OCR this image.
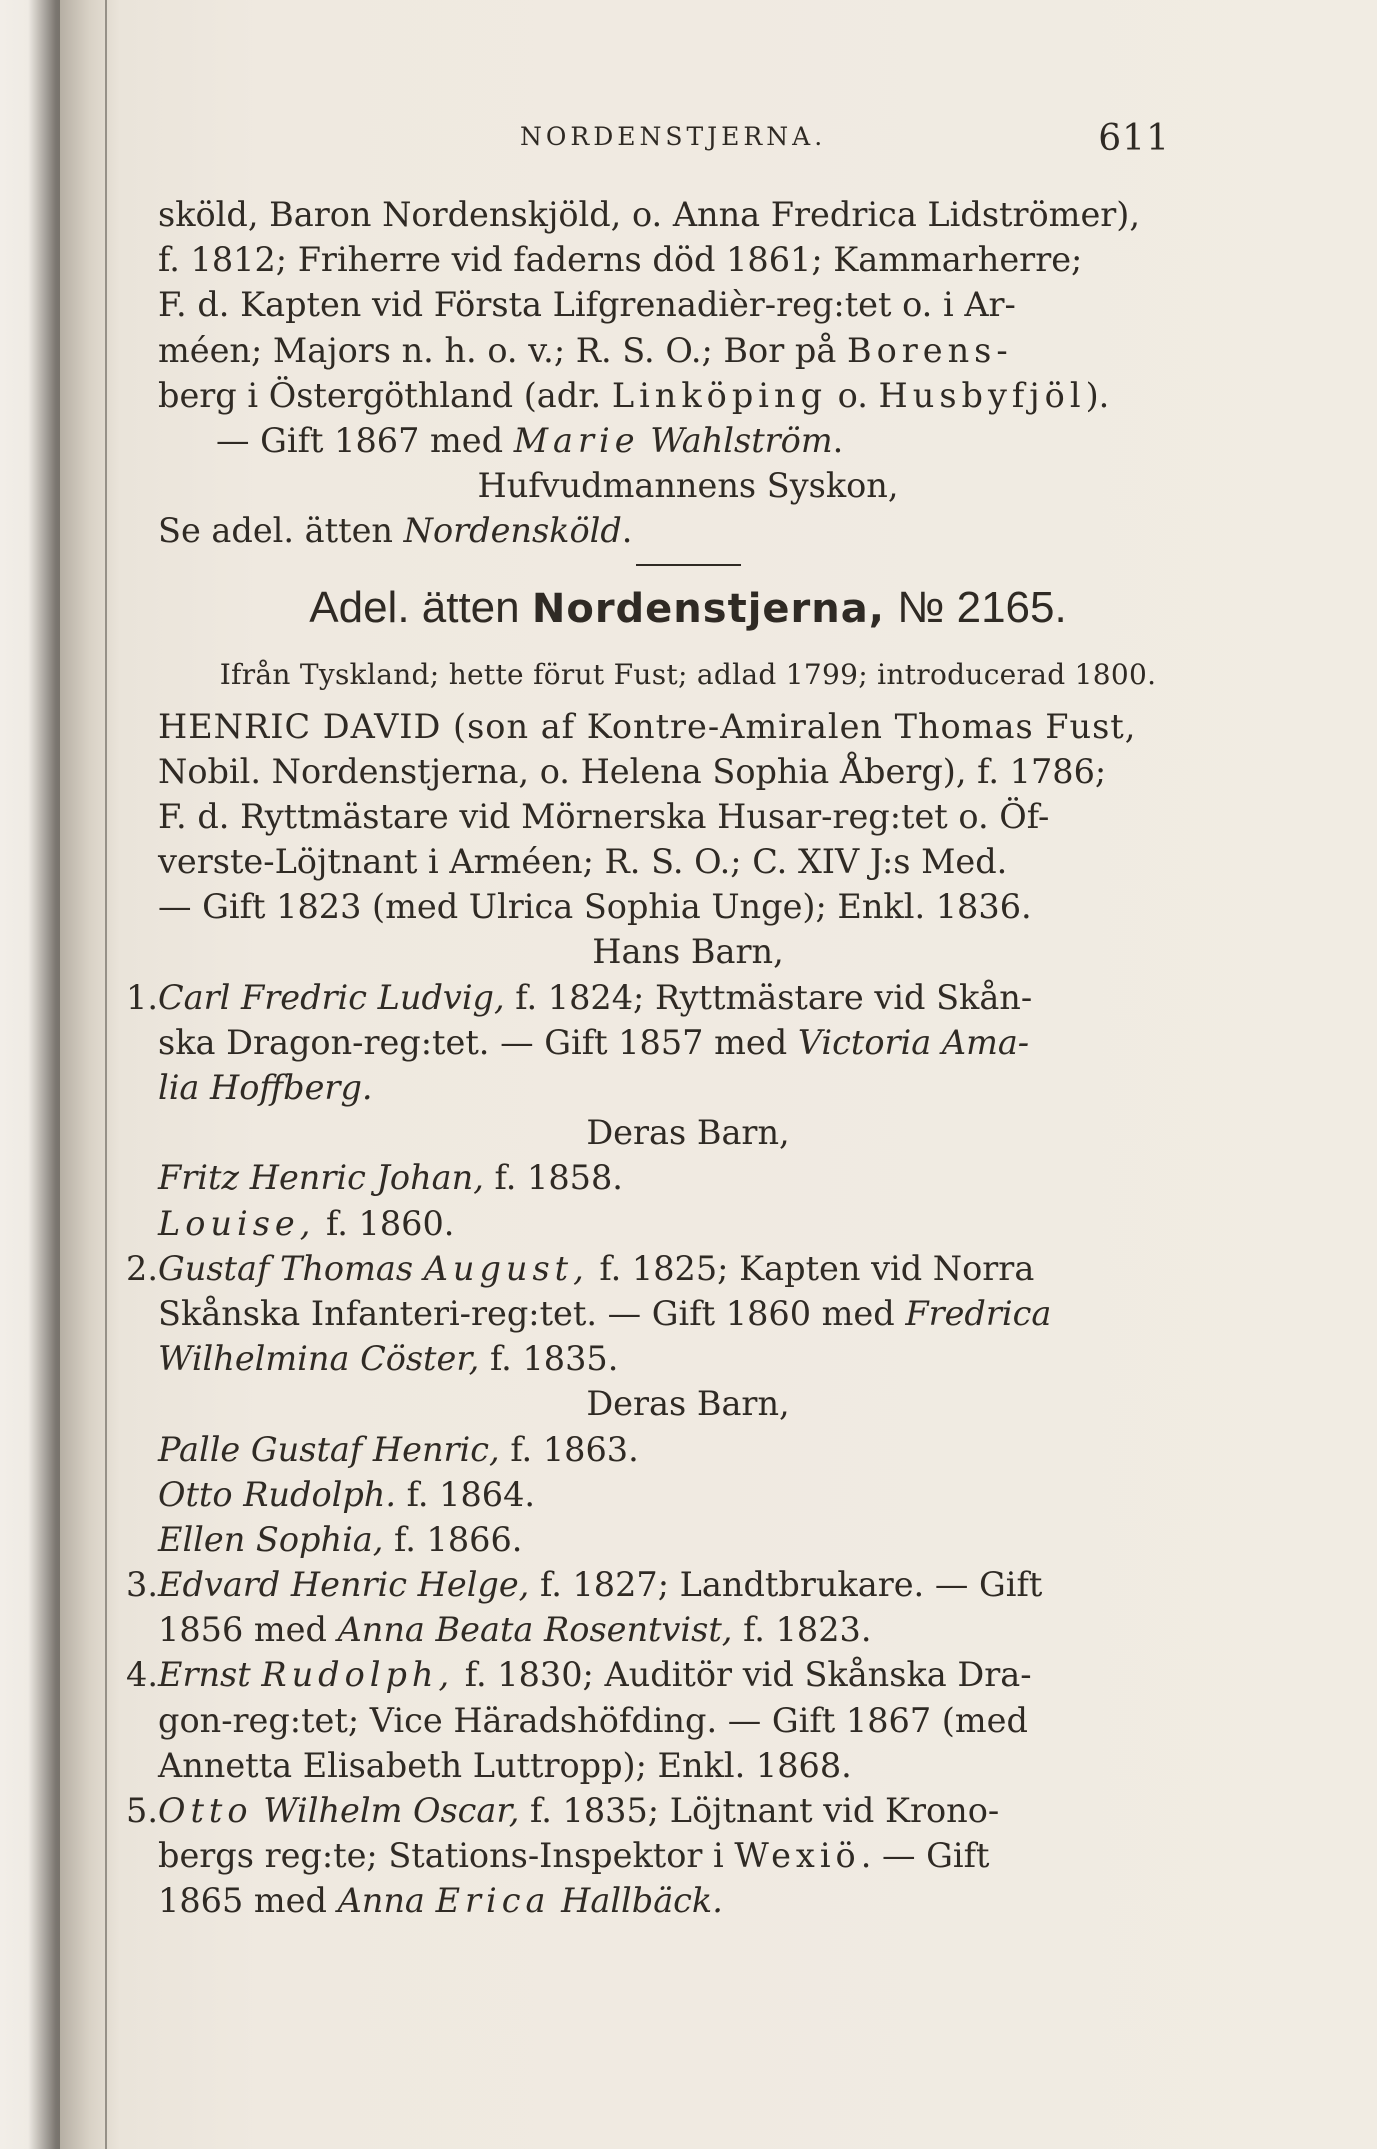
NORDENSTJERNA.	611
sköld, Baron Nordenskjöld, o. Anna Fredrica Lidströmer),
f. 1812; Friherre vid faderns död 1861; Kammarherre;
F. d. Kapten vid Första Lifgrenadièr-reg:tet o. i Ar-
méen; Majors n. h. o. v.; R. S. O.; Bor på Borens-
berg i Östergöthland (adr. Linköping o. Husbyfjöl).
— Gift 1867 med Marie Wahlström.
Hufvudmannens Syskon,
Se adel. ätten Nordensköld.
Adel. ätten Nordenstjerna, № 2165.
Ifrån Tyskland; hette förut Fust; adlad 1799; introducerad 1800.
HENRIC DAVID (son af Kontre-Amiralen Thomas Fust,
Nobil. Nordenstjerna, o. Helena Sophia Åberg), f. 1786;
F. d. Ryttmästare vid Mörnerska Husar-reg:tet o. Öf-
verste-Löjtnant i Arméen; R. S. O.; C. XIV J:s Med.
— Gift 1823 (med Ulrica Sophia Unge); Enkl. 1836.
Hans Barn,
1.Carl Fredric Ludvig, f. 1824; Ryttmästare vid Skån-
ska Dragon-reg:tet. — Gift 1857 med Victoria Ama-
lia Hoffberg.
Deras Barn,
Fritz Henric Johan, f. 1858.
Louise, f. 1860.
2.Gustaf Thomas August, f. 1825; Kapten vid Norra
Skånska Infanteri-reg:tet. — Gift 1860 med Fredrica
Wilhelmina Cöster, f. 1835.
Deras Barn,
Palle Gustaf Henric, f. 1863.
Otto Rudolph. f. 1864.
Ellen Sophia, f. 1866.
3.Edvard Henric Helge, f. 1827; Landtbrukare. — Gift
1856 med Anna Beata Rosentvist, f. 1823.
4.Ernst Rudolph, f. 1830; Auditör vid Skånska Dra-
gon-reg:tet; Vice Häradshöfding. — Gift 1867 (med
Annetta Elisabeth Luttropp); Enkl. 1868.
5.Otto Wilhelm Oscar, f. 1835; Löjtnant vid Krono-
bergs reg:te; Stations-Inspektor i Wexiö. — Gift
1865 med Anna Erica Hallbäck.
